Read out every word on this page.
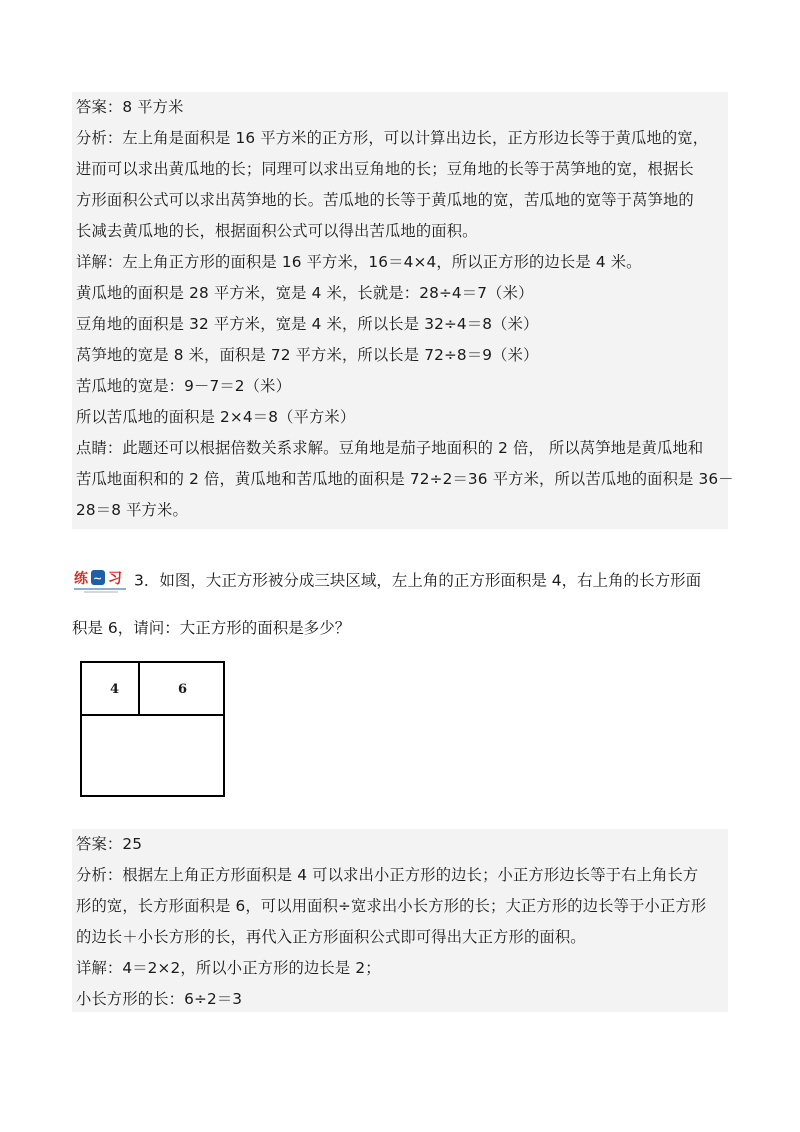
答案：8 平方米
分析：左上角是面积是 16 平方米的正方形，可以计算出边长，正方形边长等于黄瓜地的宽，
进而可以求出黄瓜地的长；同理可以求出豆角地的长；豆角地的长等于莴笋地的宽，根据长
方形面积公式可以求出莴笋地的长。苦瓜地的长等于黄瓜地的宽，苦瓜地的宽等于莴笋地的
长减去黄瓜地的长，根据面积公式可以得出苦瓜地的面积。
详解：左上角正方形的面积是 16 平方米，16＝4×4，所以正方形的边长是 4 米。
黄瓜地的面积是 28 平方米，宽是 4 米，长就是：28÷4＝7（米）
豆角地的面积是 32 平方米，宽是 4 米，所以长是 32÷4＝8（米）
莴笋地的宽是 8 米，面积是 72 平方米，所以长是 72÷8＝9（米）
苦瓜地的宽是：9－7＝2（米）
所以苦瓜地的面积是 2×4＝8（平方米）
点睛：此题还可以根据倍数关系求解。豆角地是茄子地面积的 2 倍， 所以莴笋地是黄瓜地和
苦瓜地面积和的 2 倍，黄瓜地和苦瓜地的面积是 72÷2＝36 平方米，所以苦瓜地的面积是 36－
28＝8 平方米。
练 ~ 习 3．如图，大正方形被分成三块区域，左上角的正方形面积是 4，右上角的长方形面
积是 6，请问：大正方形的面积是多少？
4	6
答案：25
分析：根据左上角正方形面积是 4 可以求出小正方形的边长；小正方形边长等于右上角长方
形的宽，长方形面积是 6，可以用面积÷宽求出小长方形的长；大正方形的边长等于小正方形
的边长＋小长方形的长，再代入正方形面积公式即可得出大正方形的面积。
详解：4＝2×2，所以小正方形的边长是 2；
小长方形的长：6÷2＝3
